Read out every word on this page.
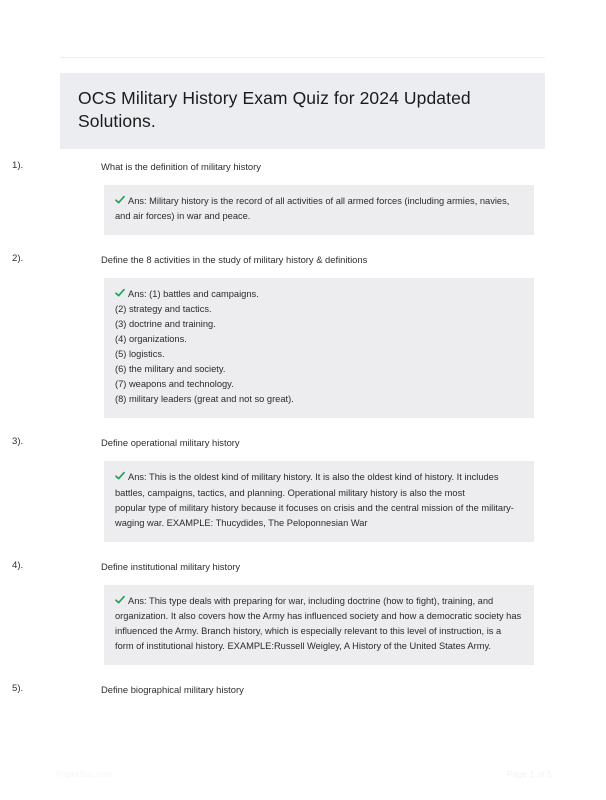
OCS Military History Exam Quiz for 2024 Updated Solutions.
1).	What is the definition of military history
Ans: Military history is the record of all activities of all armed forces (including armies, navies,
and air forces) in war and peace.
2).	Define the 8 activities in the study of military history & definitions
Ans: (1) battles and campaigns.
(2) strategy and tactics.
(3) doctrine and training.
(4) organizations.
(5) logistics.
(6) the military and society.
(7) weapons and technology.
(8) military leaders (great and not so great).
3).	Define operational military history
Ans: This is the oldest kind of military history. It is also the oldest kind of history. It includes battles, campaigns, tactics, and planning. Operational military history is also the most
popular type of military history because it focuses on crisis and the central mission of the military-waging war. EXAMPLE: Thucydides, The Peloponnesian War
4).	Define institutional military history
Ans: This type deals with preparing for war, including doctrine (how to fight), training, and organization. It also covers how the Army has influenced society and how a democratic society has influenced the Army. Branch history, which is especially relevant to this level of instruction, is a form of institutional history. EXAMPLE:Russell Weigley, A History of the United States Army.
5).	Define biographical military history
PaperStic.com	Page 1 of 5
